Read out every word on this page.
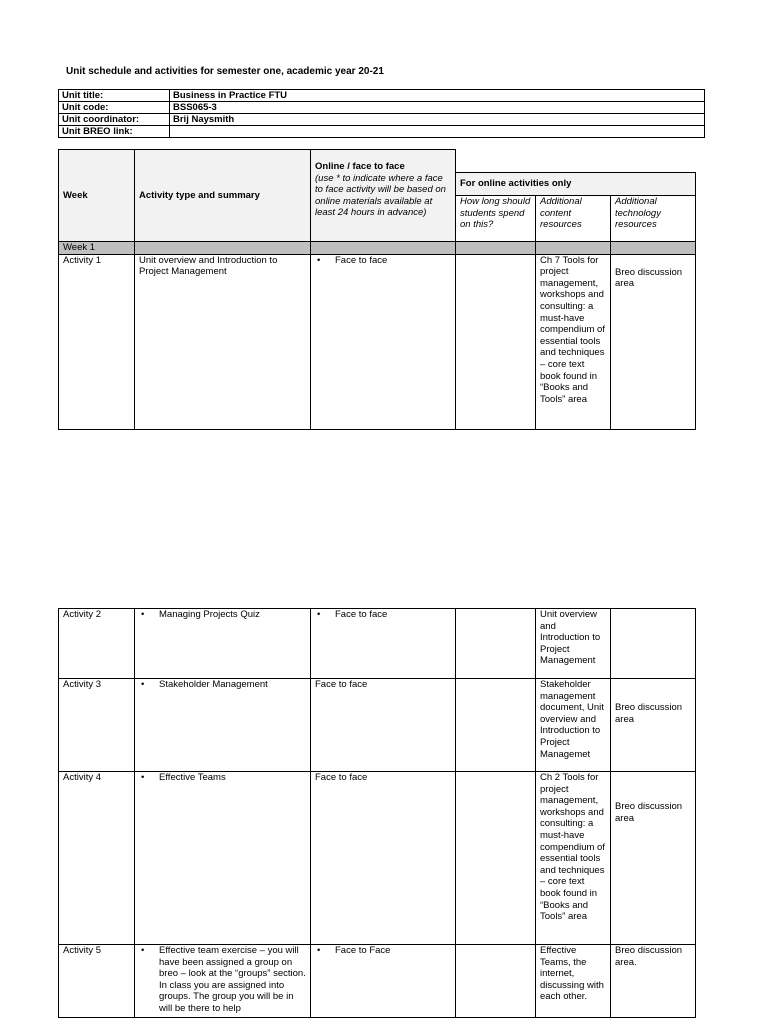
Unit schedule and activities for semester one, academic year 20-21
Unit title:	Business in Practice FTU
Unit code:	BSS065-3
Unit coordinator:	Brij Naysmith
Unit BREO link:	
Week	Activity type and summary	Online / face to face
(use * to indicate where a face to face activity will be based on online materials available at least 24 hours in advance)			

			For online activities only		
			How long should students spend on this?	Additional content resources	Additional technology resources
Week 1					
Activity 1	Unit overview and Introduction to Project Management	• Face to face		Ch 7 Tools for project management, workshops and consulting: a must-have compendium of essential tools and techniques – core text book found in “Books and Tools” area	Breo discussion area
Activity 2	• Managing Projects Quiz	• Face to face		Unit overview and Introduction to Project Management	
Activity 3	• Stakeholder Management	Face to face		Stakeholder management document, Unit overview and Introduction to Project Managemet	Breo discussion area
Activity 4	• Effective Teams	Face to face		Ch 2 Tools for project management, workshops and consulting: a must-have compendium of essential tools and techniques – core text book found in “Books and Tools” area	Breo discussion area
Activity 5	• Effective team exercise – you will have been assigned a group on breo – look at the “groups” section. In class you are assigned into groups. The group you will be in will be there to help	• Face to Face		Effective Teams, the internet, discussing with each other.	Breo discussion area.
